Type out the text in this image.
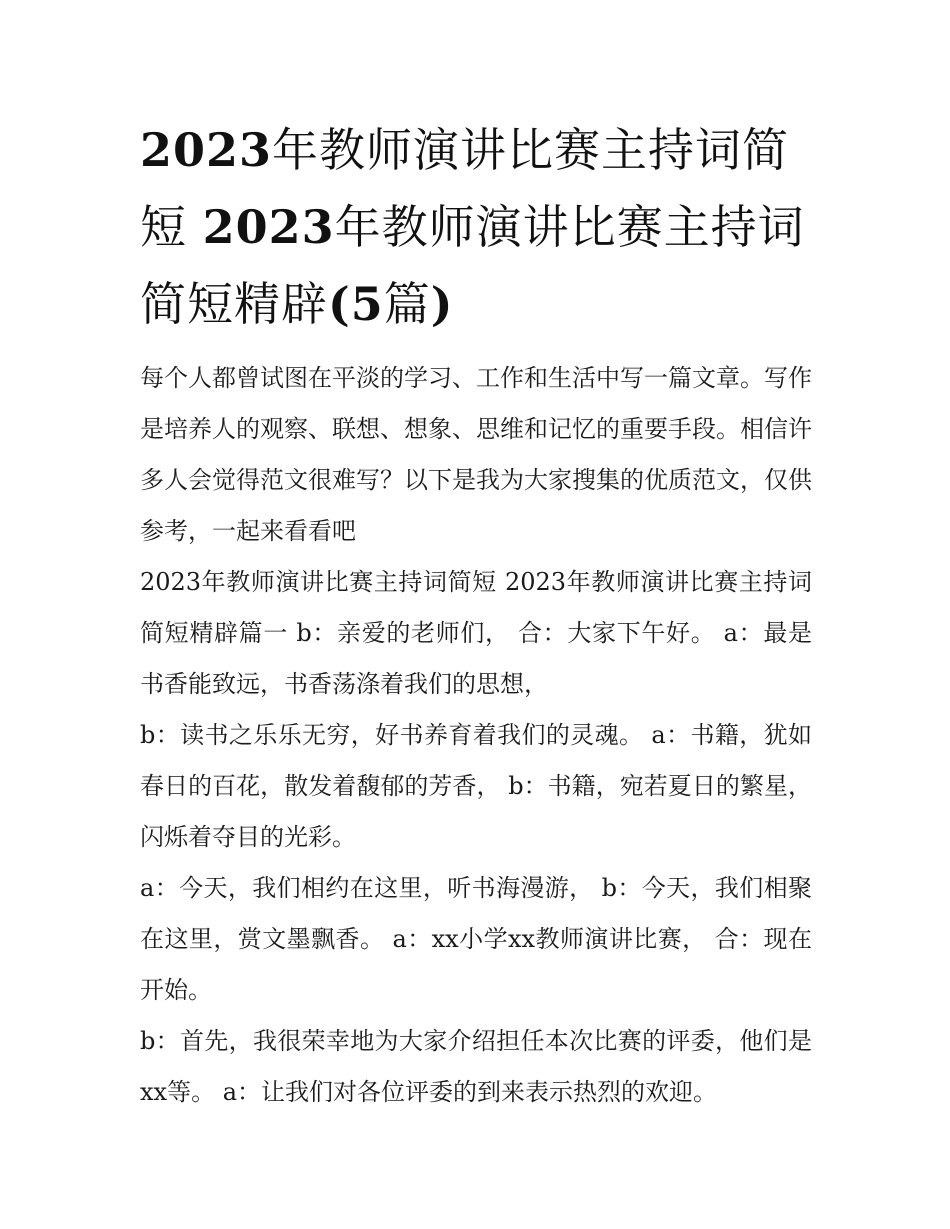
2023年教师演讲比赛主持词简短 2023年教师演讲比赛主持词简短精辟(5篇)

每个人都曾试图在平淡的学习、工作和生活中写一篇文章。写作是培养人的观察、联想、想象、思维和记忆的重要手段。相信许多人会觉得范文很难写？以下是我为大家搜集的优质范文，仅供参考，一起来看看吧

2023年教师演讲比赛主持词简短 2023年教师演讲比赛主持词简短精辟篇一 b：亲爱的老师们， 合：大家下午好。 a：最是书香能致远，书香荡涤着我们的思想，

b：读书之乐乐无穷，好书养育着我们的灵魂。 a：书籍，犹如春日的百花，散发着馥郁的芳香， b：书籍，宛若夏日的繁星，闪烁着夺目的光彩。

a：今天，我们相约在这里，听书海漫游， b：今天，我们相聚在这里，赏文墨飘香。 a：xx小学xx教师演讲比赛， 合：现在开始。

b：首先，我很荣幸地为大家介绍担任本次比赛的评委，他们是xx等。 a：让我们对各位评委的到来表示热烈的欢迎。
